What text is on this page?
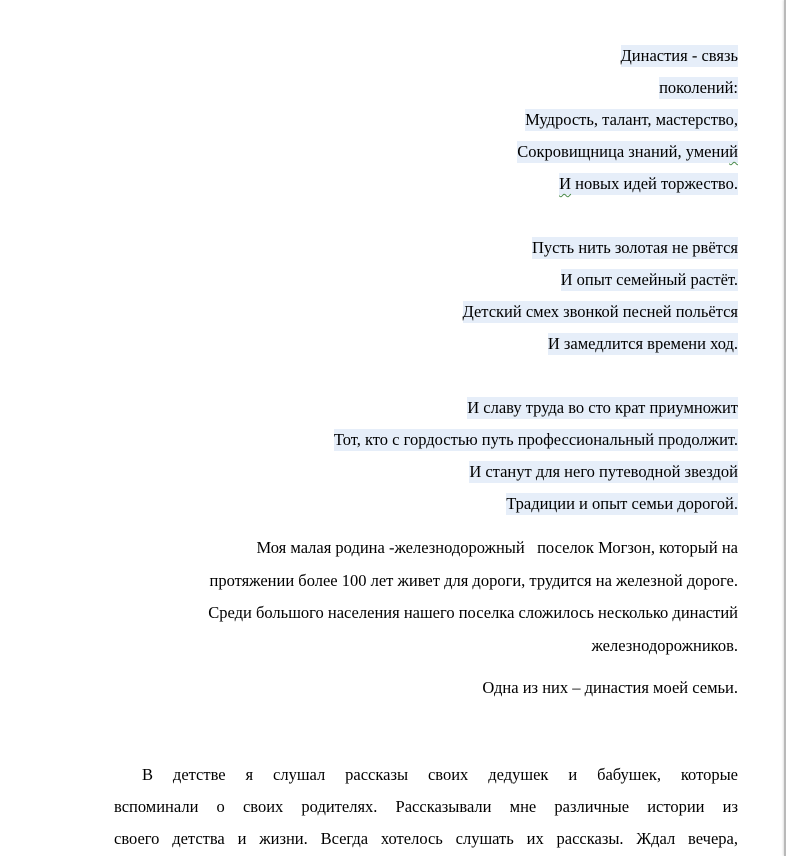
Династия - связь
поколений:
Мудрость, талант, мастерство,
Сокровищница знаний, умений
И новых идей торжество.
Пусть нить золотая не рвётся
И опыт семейный растёт.
Детский смех звонкой песней польётся
И замедлится времени ход.
И славу труда во сто крат приумножит
Тот, кто с гордостью путь профессиональный продолжит.
И станут для него путеводной звездой
Традиции и опыт семьи дорогой.
Моя малая родина -железнодорожный   поселок Могзон, который на
протяжении более 100 лет живет для дороги, трудится на железной дороге.
Среди большого населения нашего поселка сложилось несколько династий
железнодорожников.

Одна из них – династия моей семьи.

В детстве я слушал рассказы своих дедушек и бабушек, которые
вспоминали о своих родителях. Рассказывали мне различные истории из
своего детства и жизни. Всегда хотелось слушать их рассказы. Ждал вечера,
